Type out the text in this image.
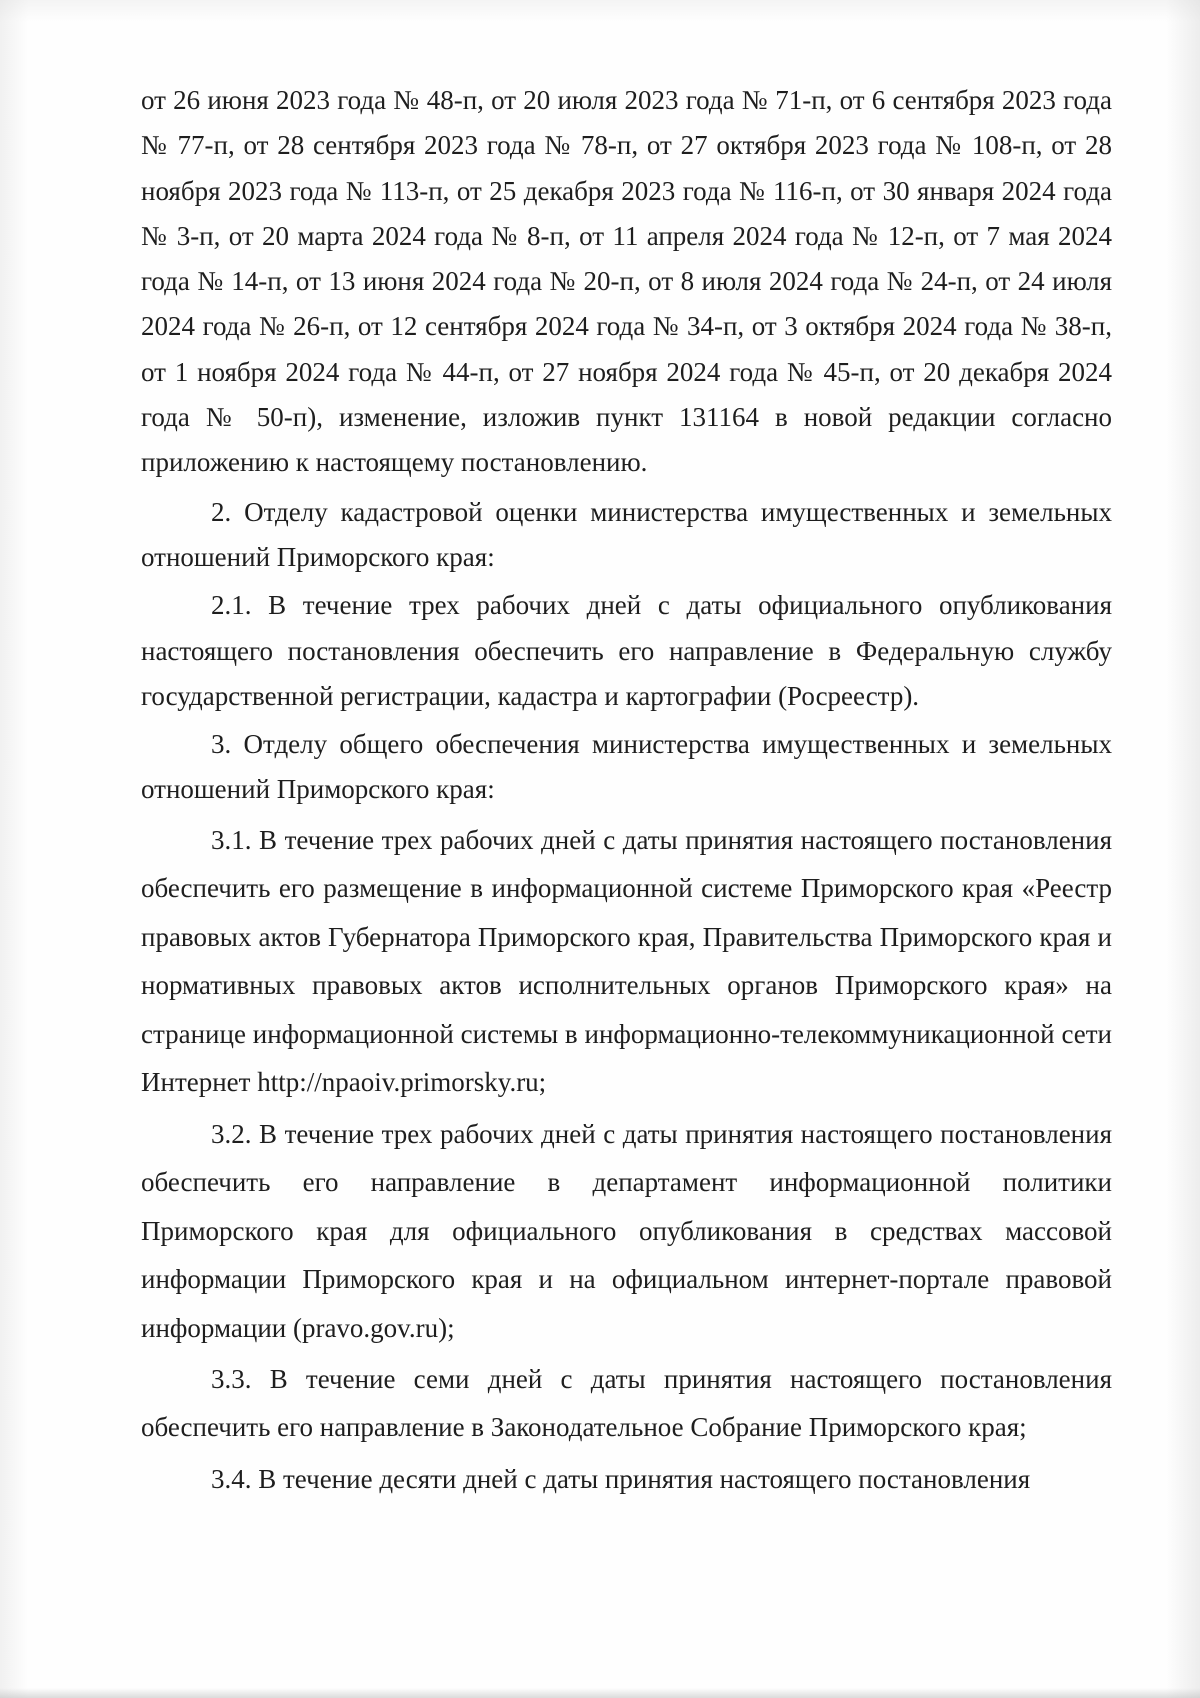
от 26 июня 2023 года № 48-п, от 20 июля 2023 года № 71-п, от 6 сентября 2023 года № 77-п, от 28 сентября 2023 года № 78-п, от 27 октября 2023 года № 108-п, от 28 ноября 2023 года № 113-п, от 25 декабря 2023 года № 116-п, от 30 января 2024 года № 3-п, от 20 марта 2024 года № 8-п, от 11 апреля 2024 года № 12-п, от 7 мая 2024 года № 14-п, от 13 июня 2024 года № 20-п, от 8 июля 2024 года № 24-п, от 24 июля 2024 года № 26-п, от 12 сентября 2024 года № 34-п, от 3 октября 2024 года № 38-п, от 1 ноября 2024 года № 44-п, от 27 ноября 2024 года № 45-п, от 20 декабря 2024 года № 50-п), изменение, изложив пункт 131164 в новой редакции согласно приложению к настоящему постановлению.

2. Отделу кадастровой оценки министерства имущественных и земельных отношений Приморского края:

2.1. В течение трех рабочих дней с даты официального опубликования настоящего постановления обеспечить его направление в Федеральную службу государственной регистрации, кадастра и картографии (Росреестр).

3. Отделу общего обеспечения министерства имущественных и земельных отношений Приморского края:

3.1. В течение трех рабочих дней с даты принятия настоящего постановления обеспечить его размещение в информационной системе Приморского края «Реестр правовых актов Губернатора Приморского края, Правительства Приморского края и нормативных правовых актов исполнительных органов Приморского края» на странице информационной системы в информационно-телекоммуникационной сети Интернет http://npaoiv.primorsky.ru;

3.2. В течение трех рабочих дней с даты принятия настоящего постановления обеспечить его направление в департамент информационной политики Приморского края для официального опубликования в средствах массовой информации Приморского края и на официальном интернет-портале правовой информации (pravo.gov.ru);

3.3. В течение семи дней с даты принятия настоящего постановления обеспечить его направление в Законодательное Собрание Приморского края;

3.4. В течение десяти дней с даты принятия настоящего постановления
